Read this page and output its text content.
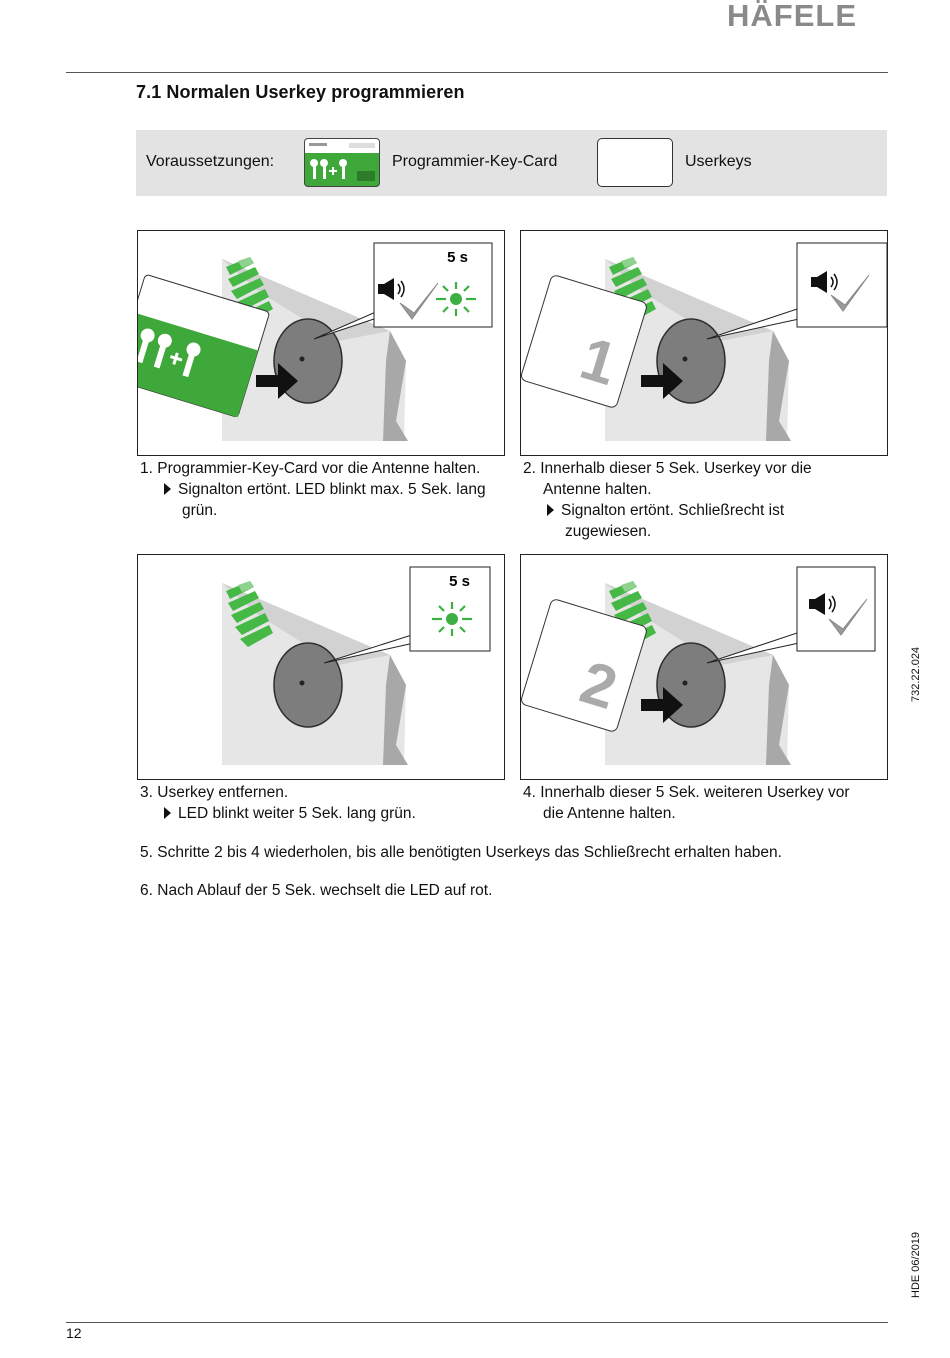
HÄFELE
7.1 Normalen Userkey programmieren
Voraussetzungen:	Programmier-Key-Card	Userkeys
5 s
1
1. Programmier-Key-Card vor die Antenne halten.
Signalton ertönt. LED blinkt max. 5 Sek. lang
grün.
2. Innerhalb dieser 5 Sek. Userkey vor die
Antenne halten.
Signalton ertönt. Schließrecht ist
zugewiesen.
5 s
2
3. Userkey entfernen.
LED blinkt weiter 5 Sek. lang grün.
4. Innerhalb dieser 5 Sek. weiteren Userkey vor
die Antenne halten.
5. Schritte 2 bis 4 wiederholen, bis alle benötigten Userkeys das Schließrecht erhalten haben.
6. Nach Ablauf der 5 Sek. wechselt die LED auf rot.
732.22.024
HDE 06/2019
12
